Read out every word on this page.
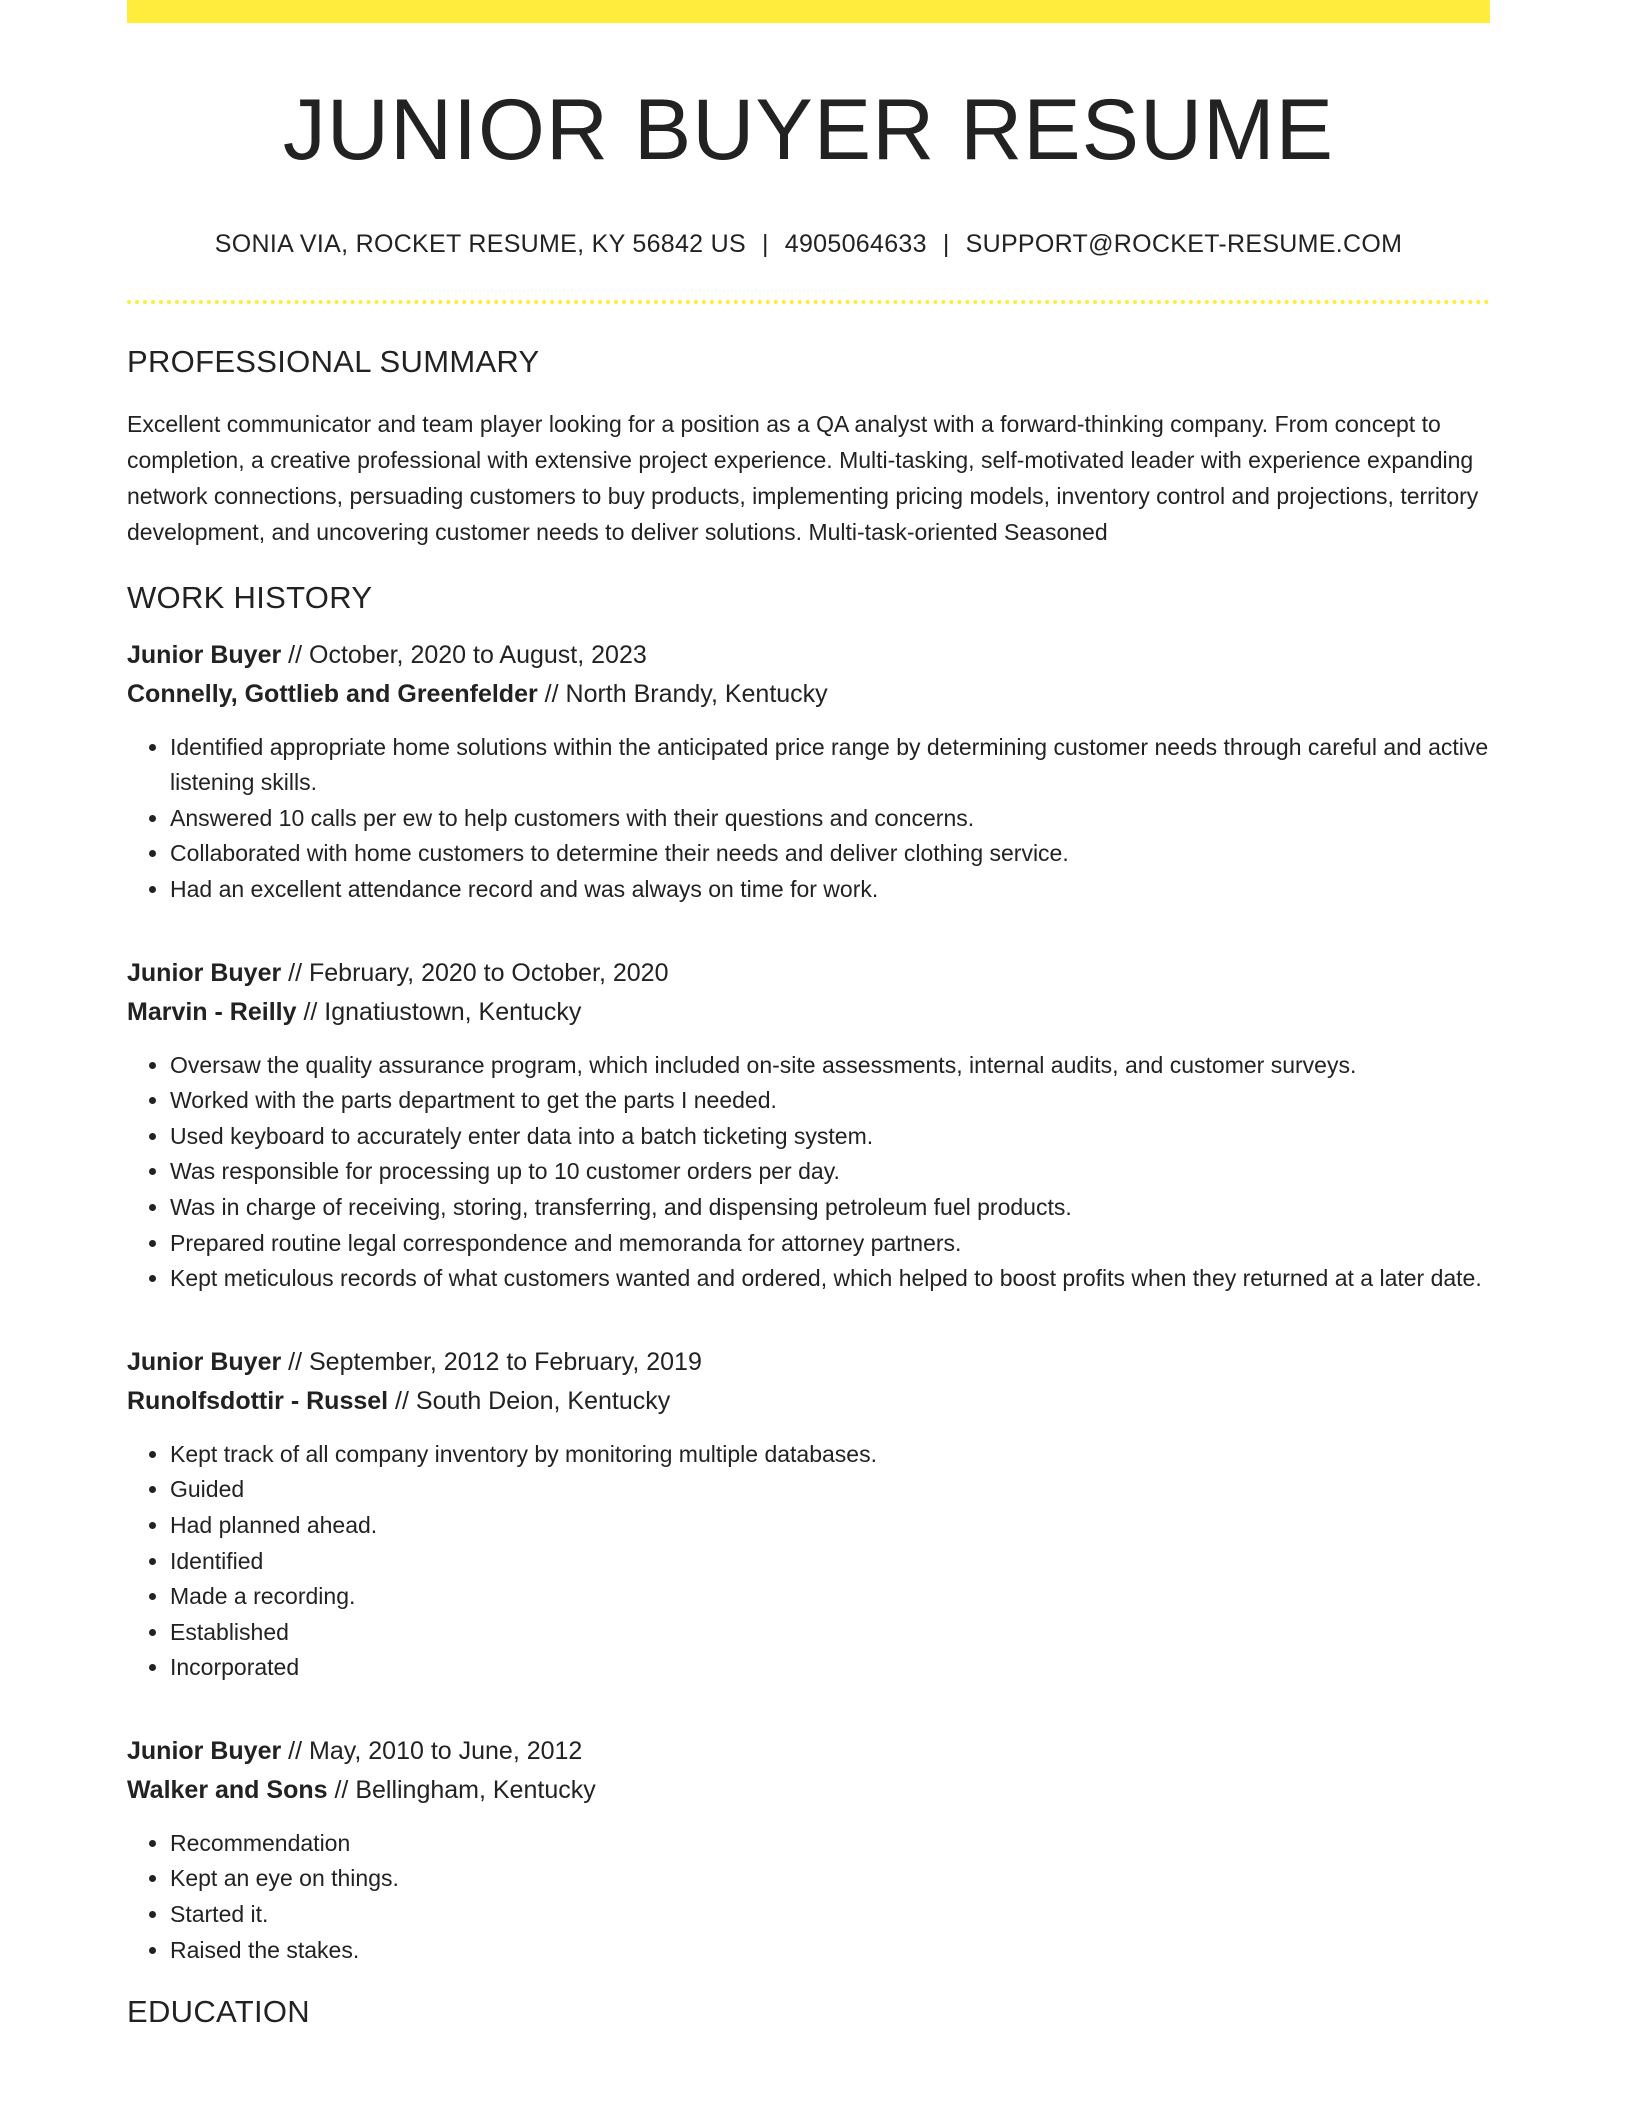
JUNIOR BUYER RESUME
SONIA VIA, ROCKET RESUME, KY 56842 US | 4905064633 | SUPPORT@ROCKET-RESUME.COM
PROFESSIONAL SUMMARY
Excellent communicator and team player looking for a position as a QA analyst with a forward-thinking company. From concept to completion, a creative professional with extensive project experience. Multi-tasking, self-motivated leader with experience expanding network connections, persuading customers to buy products, implementing pricing models, inventory control and projections, territory development, and uncovering customer needs to deliver solutions. Multi-task-oriented Seasoned
WORK HISTORY
Junior Buyer // October, 2020 to August, 2023
Connelly, Gottlieb and Greenfelder // North Brandy, Kentucky
• Identified appropriate home solutions within the anticipated price range by determining customer needs through careful and active listening skills.
• Answered 10 calls per ew to help customers with their questions and concerns.
• Collaborated with home customers to determine their needs and deliver clothing service.
• Had an excellent attendance record and was always on time for work.
Junior Buyer // February, 2020 to October, 2020
Marvin - Reilly // Ignatiustown, Kentucky
• Oversaw the quality assurance program, which included on-site assessments, internal audits, and customer surveys.
• Worked with the parts department to get the parts I needed.
• Used keyboard to accurately enter data into a batch ticketing system.
• Was responsible for processing up to 10 customer orders per day.
• Was in charge of receiving, storing, transferring, and dispensing petroleum fuel products.
• Prepared routine legal correspondence and memoranda for attorney partners.
• Kept meticulous records of what customers wanted and ordered, which helped to boost profits when they returned at a later date.
Junior Buyer // September, 2012 to February, 2019
Runolfsdottir - Russel // South Deion, Kentucky
• Kept track of all company inventory by monitoring multiple databases.
• Guided
• Had planned ahead.
• Identified
• Made a recording.
• Established
• Incorporated
Junior Buyer // May, 2010 to June, 2012
Walker and Sons // Bellingham, Kentucky
• Recommendation
• Kept an eye on things.
• Started it.
• Raised the stakes.
EDUCATION
